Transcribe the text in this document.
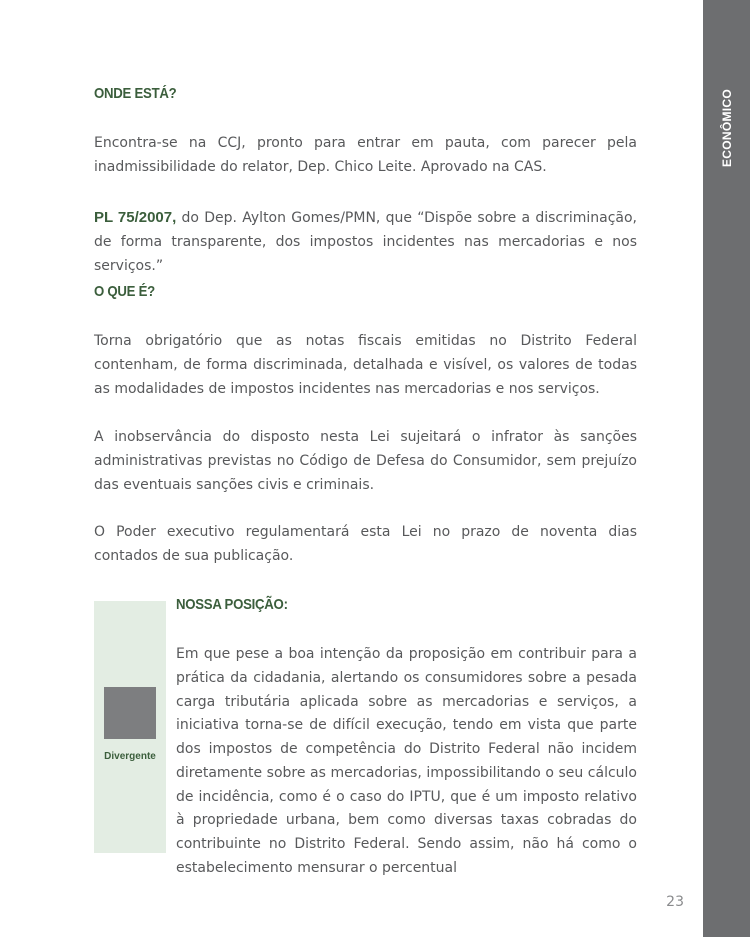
ECONÔMICO
ONDE ESTÁ?
Encontra-se na CCJ, pronto para entrar em pauta, com parecer pela inadmissibilidade do relator, Dep. Chico Leite. Aprovado na CAS.
PL 75/2007, do Dep. Aylton Gomes/PMN, que “Dispõe sobre a discriminação, de forma transparente, dos impostos incidentes nas mercadorias e nos serviços.”
O QUE É?
Torna obrigatório que as notas fiscais emitidas no Distrito Federal contenham, de forma discriminada, detalhada e visível, os valores de todas as modalidades de impostos incidentes nas mercadorias e nos serviços.
A inobservância do disposto nesta Lei sujeitará o infrator às sanções administrativas previstas no Código de Defesa do Consumidor, sem prejuízo das eventuais sanções civis e criminais.
O Poder executivo regulamentará esta Lei no prazo de noventa dias contados de sua publicação.
Divergente
NOSSA POSIÇÃO:
Em que pese a boa intenção da proposição em contribuir para a prática da cidadania, alertando os consumidores sobre a pesada carga tributária aplicada sobre as mercadorias e serviços, a iniciativa torna-se de difícil execução, tendo em vista que parte dos impostos de competência do Distrito Federal não incidem diretamente sobre as mercadorias, impossibilitando o seu cálculo de incidência, como é o caso do IPTU, que é um imposto relativo à propriedade urbana, bem como diversas taxas cobradas do contribuinte no Distrito Federal. Sendo assim, não há como o estabelecimento mensurar o percentual
23
